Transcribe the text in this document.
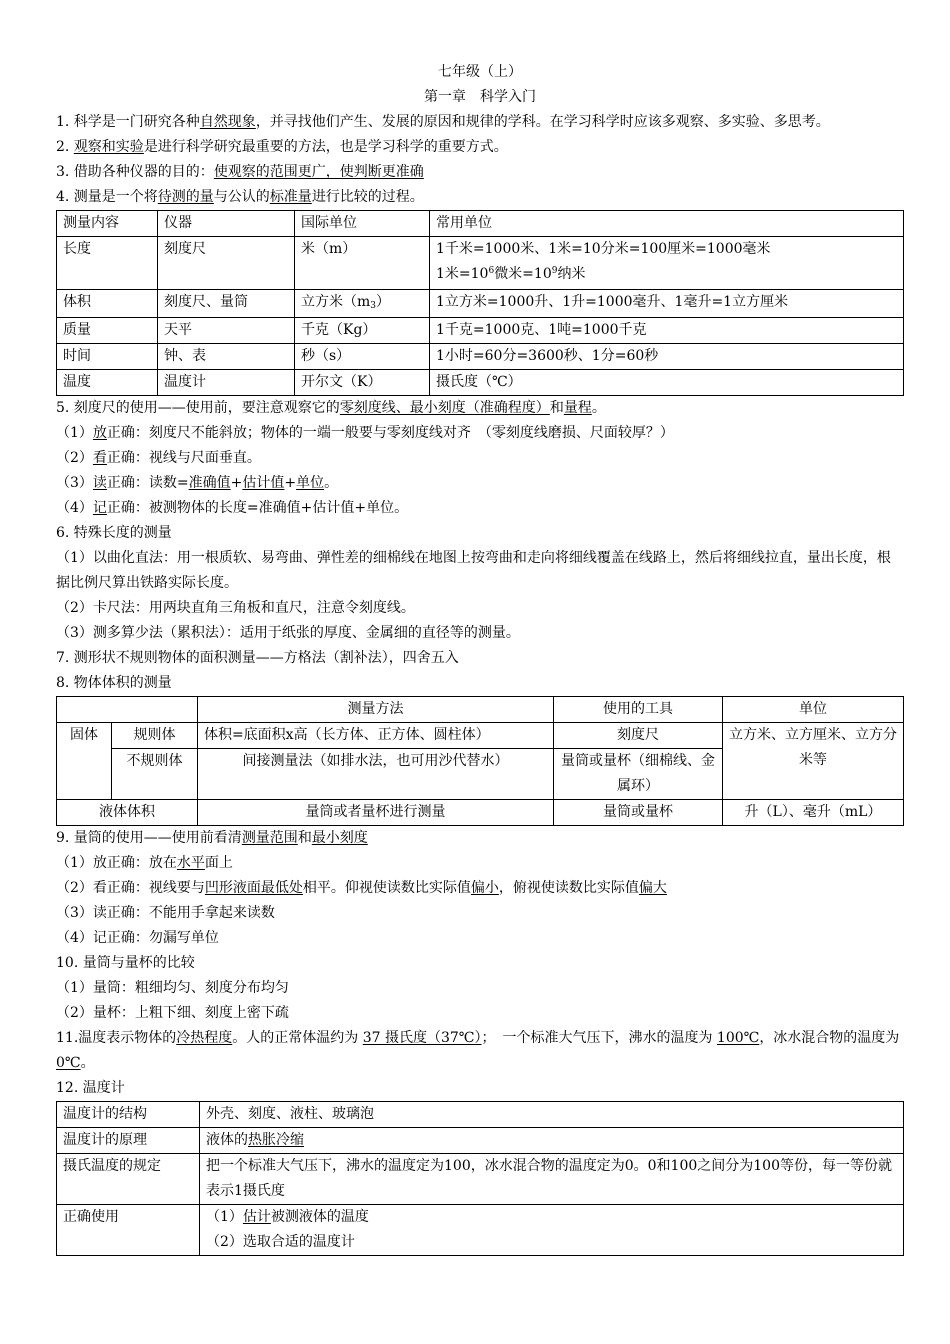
七年级（上）

第一章　科学入门

1. 科学是一门研究各种自然现象，并寻找他们产生、发展的原因和规律的学科。在学习科学时应该多观察、多实验、多思考。

2. 观察和实验是进行科学研究最重要的方法，也是学习科学的重要方式。

3. 借助各种仪器的目的：使观察的范围更广，使判断更准确

4. 测量是一个将待测的量与公认的标准量进行比较的过程。

测量内容	仪器	国际单位	常用单位
长度	刻度尺	米（m）	1千米=1000米、1米=10分米=100厘米=1000毫米
1米$=10^6$微米$=10^9$纳米

体积	刻度尺、量筒	立方米（m3）	1立方米=1000升、1升=1000毫升、1毫升=1立方厘米
质量	天平	千克（Kg）	1千克=1000克、1吨=1000千克
时间	钟、表	秒（s）	1小时=60分=3600秒、1分=60秒
温度	温度计	开尔文（K）	摄氏度（℃）

5. 刻度尺的使用——使用前，要注意观察它的零刻度线、最小刻度（准确程度）和量程。

（1）放正确：刻度尺不能斜放；物体的一端一般要与零刻度线对齐　（零刻度线磨损、尺面较厚？）

（2）看正确：视线与尺面垂直。

（3）读正确：读数=准确值+估计值+单位。

（4）记正确：被测物体的长度=准确值+估计值+单位。

6. 特殊长度的测量

（1）以曲化直法：用一根质软、易弯曲、弹性差的细棉线在地图上按弯曲和走向将细线覆盖在线路上，然后将细线拉直，量出长度，根据比例尺算出铁路实际长度。

（2）卡尺法：用两块直角三角板和直尺，注意令刻度线。

（3）测多算少法（累积法）：适用于纸张的厚度、金属细的直径等的测量。

7. 测形状不规则物体的面积测量——方格法（割补法），四舍五入

8. 物体体积的测量

		测量方法	使用的工具	单位
固体	规则体	体积=底面积x高（长方体、正方体、圆柱体）	刻度尺	立方米、立方厘米、立方分米等
	不规则体	间接测量法（如排水法，也可用沙代替水）	量筒或量杯（细棉线、金属环）	
液体体积		量筒或者量杯进行测量	量筒或量杯	升（L）、毫升（mL）

9. 量筒的使用——使用前看清测量范围和最小刻度

（1）放正确：放在水平面上

（2）看正确：视线要与凹形液面最低处相平。仰视使读数比实际值偏小，俯视使读数比实际值偏大

（3）读正确：不能用手拿起来读数

（4）记正确：勿漏写单位

10. 量筒与量杯的比较

（1）量筒：粗细均匀、刻度分布均匀

（2）量杯：上粗下细、刻度上密下疏

11.温度表示物体的冷热程度。人的正常体温约为 37 摄氏度（37℃）；　一个标准大气压下，沸水的温度为 100℃，冰水混合物的温度为 0℃。

12. 温度计

温度计的结构	外壳、刻度、液柱、玻璃泡
温度计的原理	液体的热胀冷缩
摄氏温度的规定	把一个标准大气压下，沸水的温度定为100，冰水混合物的温度定为0。0和100之间分为100等份，每一等份就表示1摄氏度
正确使用	（1）估计被测液体的温度
（2）选取合适的温度计
